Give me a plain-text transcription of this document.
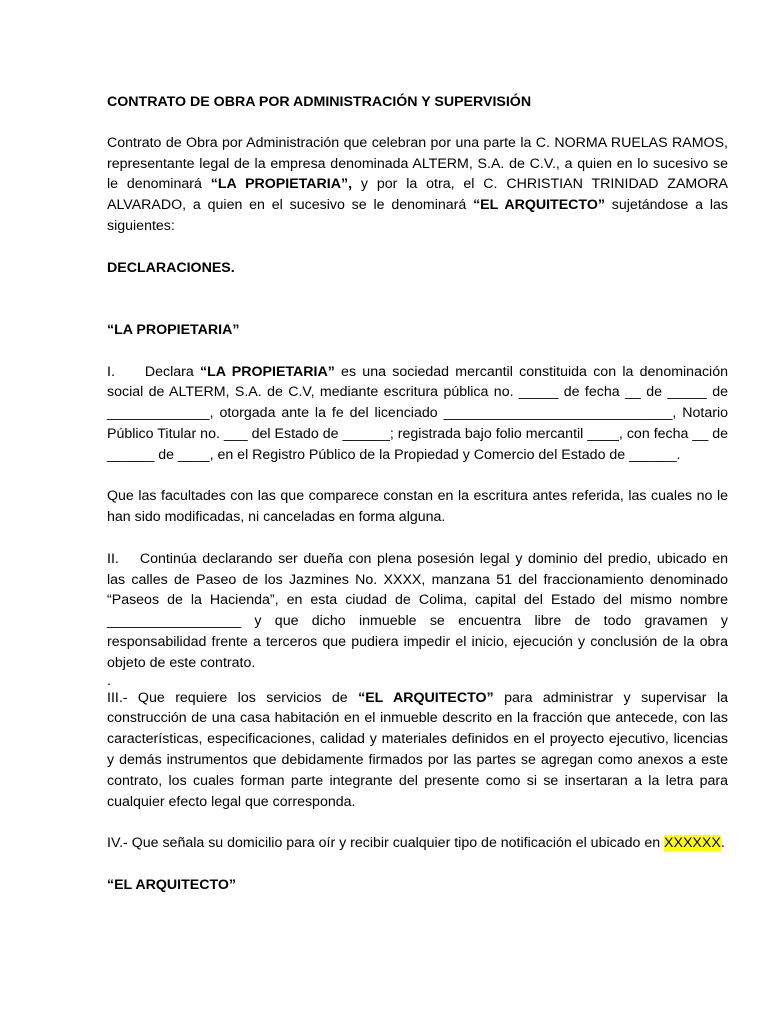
CONTRATO DE OBRA POR ADMINISTRACIÓN Y SUPERVISIÓN

Contrato de Obra por Administración que celebran por una parte la C. NORMA RUELAS RAMOS, representante legal de la empresa denominada ALTERM, S.A. de C.V., a quien en lo sucesivo se le denominará “LA PROPIETARIA”, y por la otra, el C. CHRISTIAN TRINIDAD ZAMORA ALVARADO, a quien en el sucesivo se le denominará “EL ARQUITECTO” sujetándose a las siguientes:

DECLARACIONES.

“LA PROPIETARIA”

I. Declara “LA PROPIETARIA” es una sociedad mercantil constituida con la denominación social de ALTERM, S.A. de C.V, mediante escritura pública no. _____ de fecha __ de _____ de _____________, otorgada ante la fe del licenciado _____________________________, Notario Público Titular no. ___ del Estado de ______; registrada bajo folio mercantil ____, con fecha __ de ______ de ____, en el Registro Público de la Propiedad y Comercio del Estado de ______.

Que las facultades con las que comparece constan en la escritura antes referida, las cuales no le han sido modificadas, ni canceladas en forma alguna.

II. Continúa declarando ser dueña con plena posesión legal y dominio del predio, ubicado en las calles de Paseo de los Jazmines No. XXXX, manzana 51 del fraccionamiento denominado “Paseos de la Hacienda”, en esta ciudad de Colima, capital del Estado del mismo nombre _________________ y que dicho inmueble se encuentra libre de todo gravamen y responsabilidad frente a terceros que pudiera impedir el inicio, ejecución y conclusión de la obra objeto de este contrato.

.

III.- Que requiere los servicios de “EL ARQUITECTO” para administrar y supervisar la construcción de una casa habitación en el inmueble descrito en la fracción que antecede, con las características, especificaciones, calidad y materiales definidos en el proyecto ejecutivo, licencias y demás instrumentos que debidamente firmados por las partes se agregan como anexos a este contrato, los cuales forman parte integrante del presente como si se insertaran a la letra para cualquier efecto legal que corresponda.

IV.- Que señala su domicilio para oír y recibir cualquier tipo de notificación el ubicado en XXXXXX.

“EL ARQUITECTO”
